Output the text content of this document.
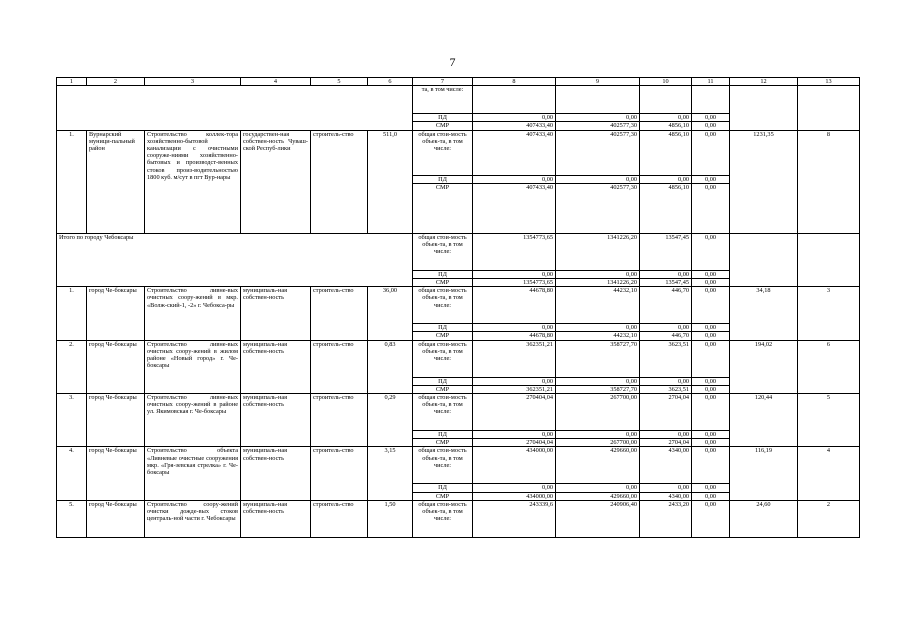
7
1	2	3	4	5	6	7	8	9	10	11	12	13
						та, в том числе:						
						ПД	0,00	0,00	0,00	0,00		
						СМР	407433,40	402577,30	4856,10	0,00		
1.	Вурнарский муници-пальный район	Строительство коллек-тора хозяйственно-бытовой канализации с очистными сооруже-ниями хозяйственно-бытовых и производст-венных стоков произ-водительностью 1800 куб. м/сут в пгт Вур-нары	государствен-ная собствен-ность Чуваш-ской Респуб-лики	строитель-ство	511,0	общая стои-мость объек-та, в том числе:	407433,40	402577,30	4856,10	0,00	1231,35	8
						ПД	0,00	0,00	0,00	0,00		
						СМР	407433,40	402577,30	4856,10	0,00		
Итого по городу Чебоксары						общая стои-мость объек-та, в том числе:	1354773,65	1341226,20	13547,45	0,00		
						ПД	0,00	0,00	0,00	0,00		
						СМР	1354773,65	1341226,20	13547,45	0,00		
1.	город Че-боксары	Строительство ливне-вых очистных соору-жений в мкр. «Волж-ский-1, -2» г. Чебокса-ры	муниципаль-ная собствен-ность	строитель-ство	36,00	общая стои-мость объек-та, в том числе:	44678,80	44232,10	446,70	0,00	34,18	3
						ПД	0,00	0,00	0,00	0,00		
						СМР	44678,80	44232,10	446,70	0,00		
2.	город Че-боксары	Строительство ливне-вых очистных соору-жений в жилом районе «Новый город» г. Че-боксары	муниципаль-ная собствен-ность	строитель-ство	0,83	общая стои-мость объек-та, в том числе:	362351,21	358727,70	3623,51	0,00	194,02	6
						ПД	0,00	0,00	0,00	0,00		
						СМР	362351,21	358727,70	3623,51	0,00		
3.	город Че-боксары	Строительство ливне-вых очистных соору-жений в районе ул. Якимовская г. Че-боксары	муниципаль-ная собствен-ность	строитель-ство	0,29	общая стои-мость объек-та, в том числе:	270404,04	267700,00	2704,04	0,00	120,44	5
						ПД	0,00	0,00	0,00	0,00		
						СМР	270404,04	267700,00	2704,04	0,00		
4.	город Че-боксары	Строительство объекта «Ливневые очистные сооружения мкр. «Гря-зевская стрелка» г. Че-боксары	муниципаль-ная собствен-ность	строитель-ство	3,15	общая стои-мость объек-та, в том числе:	434000,00	429660,00	4340,00	0,00	116,19	4
						ПД	0,00	0,00	0,00	0,00		
						СМР	434000,00	429660,00	4340,00	0,00		
5.	город Че-боксары	Строительство соору-жений очистки дожде-вых стоков централь-ной части г. Чебоксары	муниципаль-ная собствен-ность	строитель-ство	1,50	общая стои-мость объек-та, в том числе:	243339,6	240906,40	2433,20	0,00	24,60	2
